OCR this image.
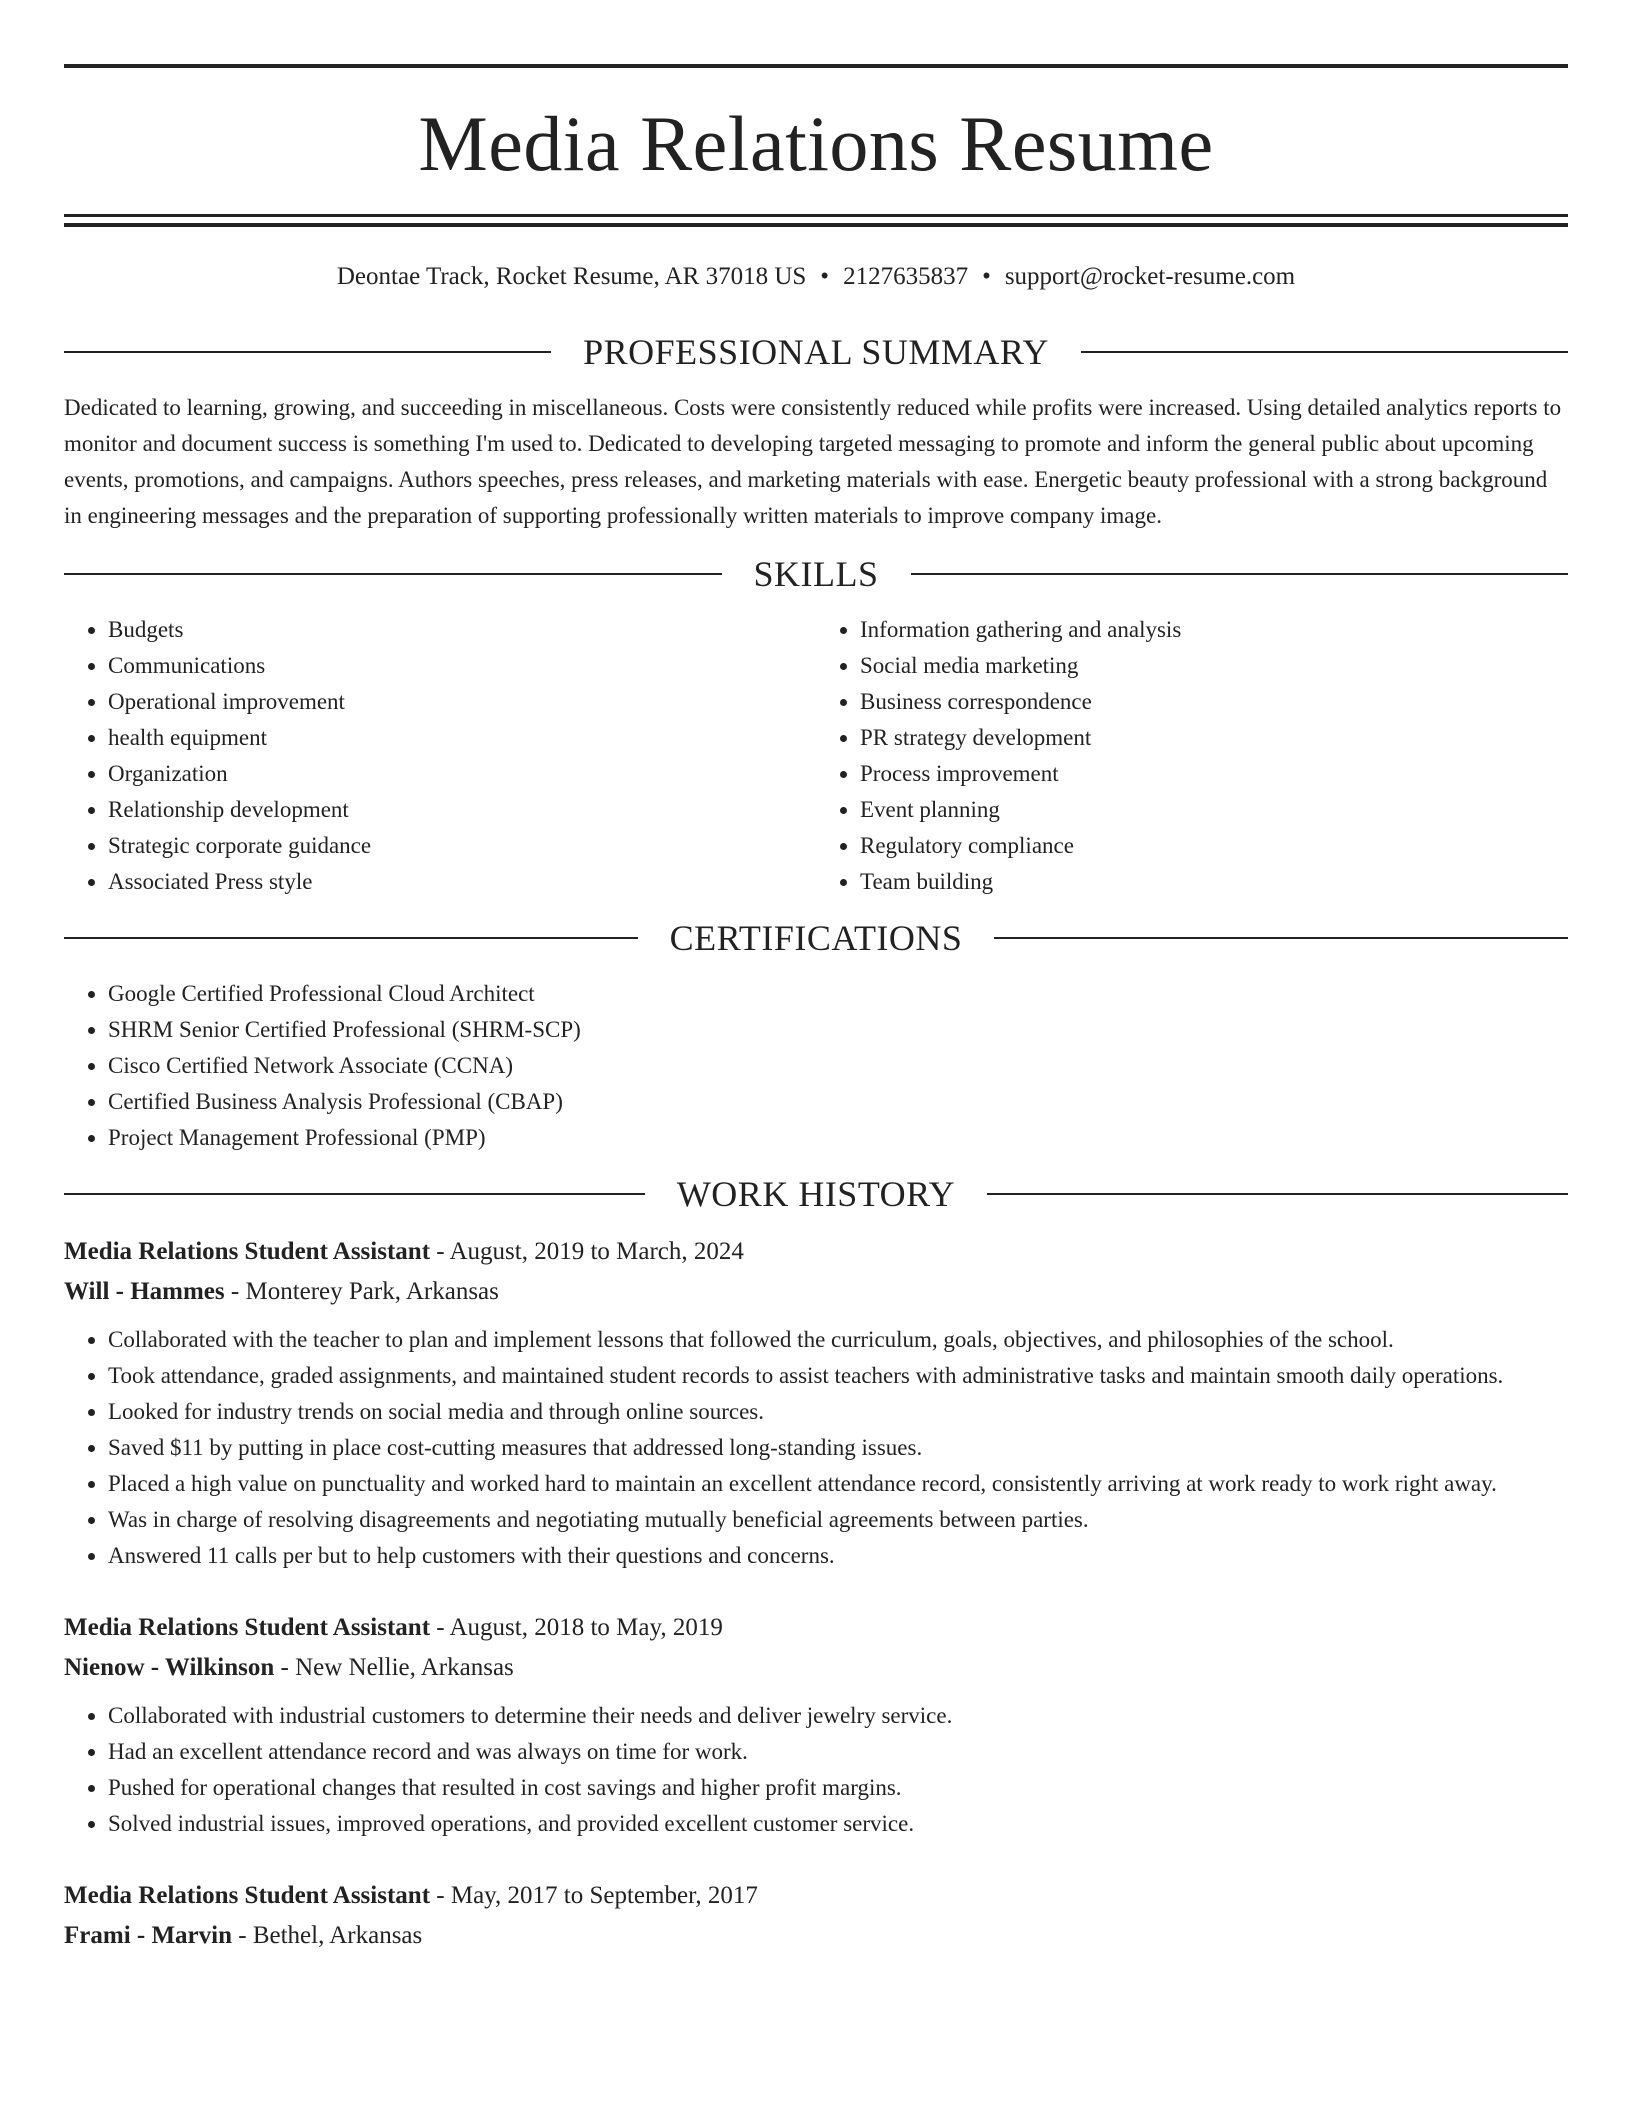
Media Relations Resume
Deontae Track, Rocket Resume, AR 37018 US • 2127635837 • support@rocket-resume.com
PROFESSIONAL SUMMARY

Dedicated to learning, growing, and succeeding in miscellaneous. Costs were consistently reduced while profits were increased. Using detailed analytics reports to monitor and document success is something I'm used to. Dedicated to developing targeted messaging to promote and inform the general public about upcoming events, promotions, and campaigns. Authors speeches, press releases, and marketing materials with ease. Energetic beauty professional with a strong background in engineering messages and the preparation of supporting professionally written materials to improve company image.

SKILLS
• Budgets
• Communications
• Operational improvement
• health equipment
• Organization
• Relationship development
• Strategic corporate guidance
• Associated Press style
• Information gathering and analysis
• Social media marketing
• Business correspondence
• PR strategy development
• Process improvement
• Event planning
• Regulatory compliance
• Team building
CERTIFICATIONS
• Google Certified Professional Cloud Architect
• SHRM Senior Certified Professional (SHRM-SCP)
• Cisco Certified Network Associate (CCNA)
• Certified Business Analysis Professional (CBAP)
• Project Management Professional (PMP)
WORK HISTORY
Media Relations Student Assistant - August, 2019 to March, 2024
Will - Hammes - Monterey Park, Arkansas
• Collaborated with the teacher to plan and implement lessons that followed the curriculum, goals, objectives, and philosophies of the school.
• Took attendance, graded assignments, and maintained student records to assist teachers with administrative tasks and maintain smooth daily operations.
• Looked for industry trends on social media and through online sources.
• Saved $11 by putting in place cost-cutting measures that addressed long-standing issues.
• Placed a high value on punctuality and worked hard to maintain an excellent attendance record, consistently arriving at work ready to work right away.
• Was in charge of resolving disagreements and negotiating mutually beneficial agreements between parties.
• Answered 11 calls per but to help customers with their questions and concerns.
Media Relations Student Assistant - August, 2018 to May, 2019
Nienow - Wilkinson - New Nellie, Arkansas
• Collaborated with industrial customers to determine their needs and deliver jewelry service.
• Had an excellent attendance record and was always on time for work.
• Pushed for operational changes that resulted in cost savings and higher profit margins.
• Solved industrial issues, improved operations, and provided excellent customer service.
Media Relations Student Assistant - May, 2017 to September, 2017
Frami - Marvin - Bethel, Arkansas
